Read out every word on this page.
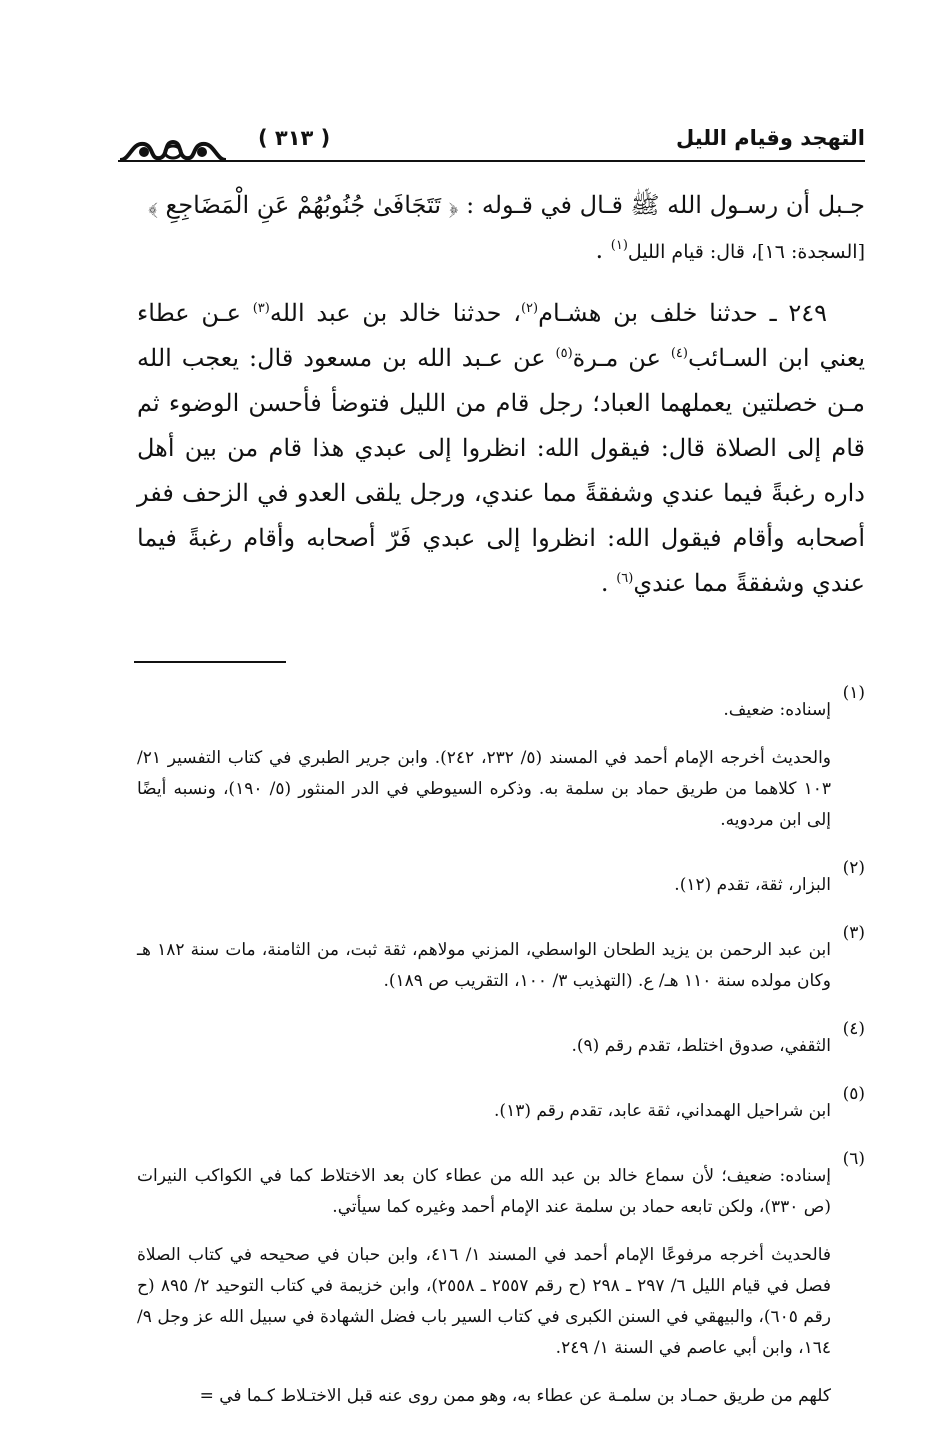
التهجد وقيام الليل
( ٣١٣ )

جـبل أن رسـول الله ﷺ قـال في قـوله : ﴿ تَتَجَافَىٰ جُنُوبُهُمْ عَنِ الْمَضَاجِعِ ﴾
[السجدة: ١٦]، قال: قيام الليل$^{(١)}$ .

٢٤٩ ـ حدثنا خلف بن هشـام$^{(٢)}$، حدثنا خالد بن عبد الله$^{(٣)}$ عـن عطاء يعني ابن السـائب$^{(٤)}$ عن مـرة$^{(٥)}$ عن عـبد الله بن مسعود قال: يعجب الله مـن خصلتين يعملهما العباد؛ رجل قام من الليل فتوضأ فأحسن الوضوء ثم قام إلى الصلاة قال: فيقول الله: انظروا إلى عبدي هذا قام من بين أهل داره رغبةً فيما عندي وشفقةً مما عندي، ورجل يلقى العدو في الزحف ففر أصحابه وأقام فيقول الله: انظروا إلى عبدي فَرّ أصحابه وأقام رغبةً فيما عندي وشفقةً مما عندي$^{(٦)}$ .

(١)

إسناده: ضعيف.

والحديث أخرجه الإمام أحمد في المسند (٥/ ٢٣٢، ٢٤٢). وابن جرير الطبري في كتاب التفسير ٢١/ ١٠٣ كلاهما من طريق حماد بن سلمة به. وذكره السيوطي في الدر المنثور (٥/ ١٩٠)، ونسبه أيضًا إلى ابن مردويه.

(٢)

البزار، ثقة، تقدم (١٢).

(٣)

ابن عبد الرحمن بن يزيد الطحان الواسطي، المزني مولاهم، ثقة ثبت، من الثامنة، مات سنة ١٨٢ هـ وكان مولده سنة ١١٠ هـ/ ع. (التهذيب ٣/ ١٠٠، التقريب ص ١٨٩).

(٤)

الثقفي، صدوق اختلط، تقدم رقم (٩).

(٥)

ابن شراحيل الهمداني، ثقة عابد، تقدم رقم (١٣).

(٦)

إسناده: ضعيف؛ لأن سماع خالد بن عبد الله من عطاء كان بعد الاختلاط كما في الكواكب النيرات (ص ٣٣٠)، ولكن تابعه حماد بن سلمة عند الإمام أحمد وغيره كما سيأتي.

فالحديث أخرجه مرفوعًا الإمام أحمد في المسند ١/ ٤١٦، وابن حبان في صحيحه في كتاب الصلاة فصل في قيام الليل ٦/ ٢٩٧ ـ ٢٩٨ (ح رقم ٢٥٥٧ ـ ٢٥٥٨)، وابن خزيمة في كتاب التوحيد ٢/ ٨٩٥ (ح رقم ٦٠٥)، والبيهقي في السنن الكبرى في كتاب السير باب فضل الشهادة في سبيل الله عز وجل ٩/ ١٦٤، وابن أبي عاصم في السنة ١/ ٢٤٩.

كلهم من طريق حمـاد بن سلمـة عن عطاء به، وهو ممن روى عنه قبل الاختـلاط كـما في =
